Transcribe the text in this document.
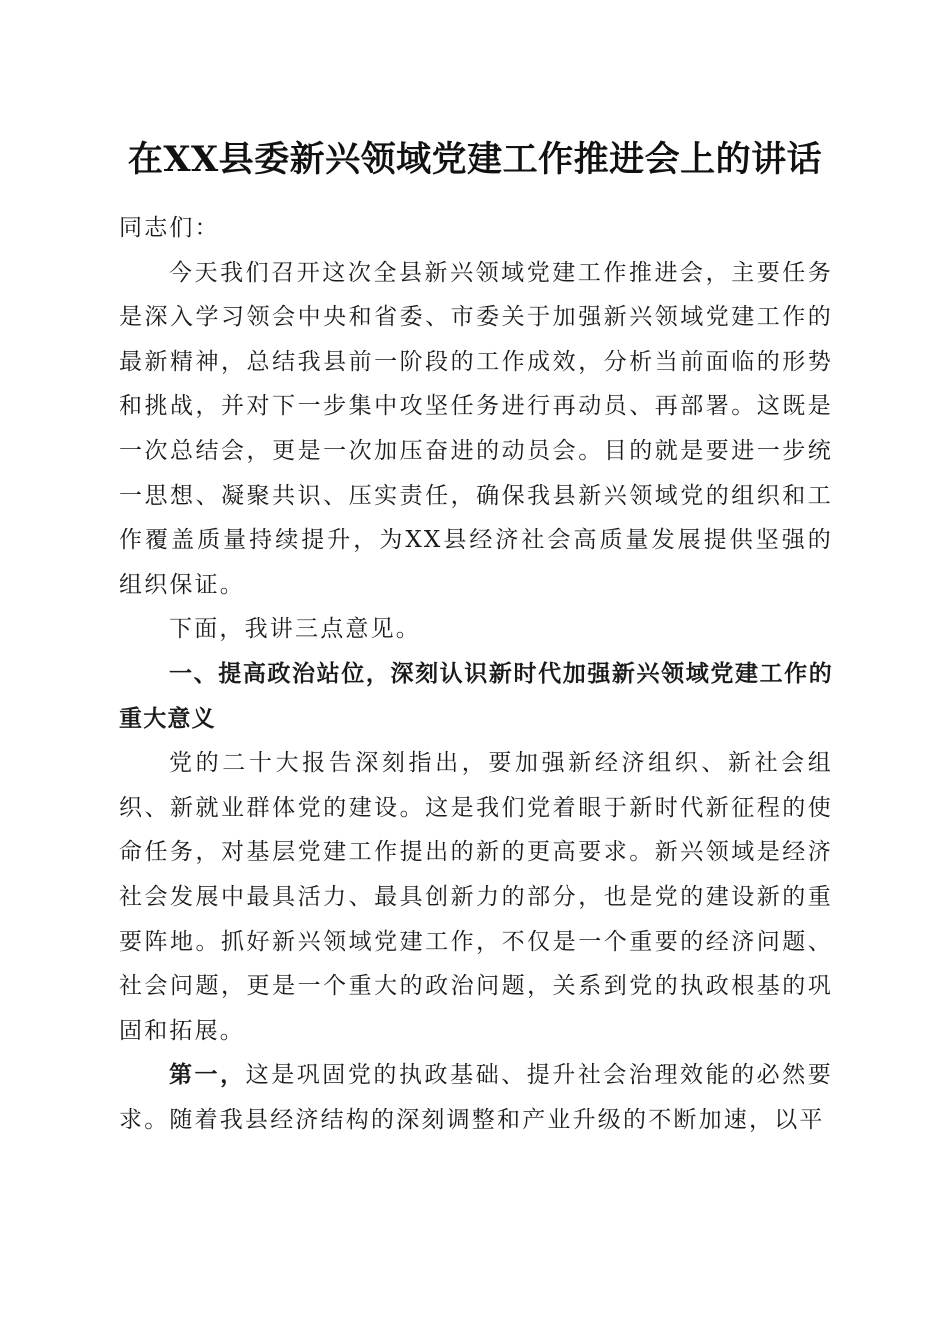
在XX县委新兴领域党建工作推进会上的讲话

同志们：

今天我们召开这次全县新兴领域党建工作推进会，主要任务是深入学习领会中央和省委、市委关于加强新兴领域党建工作的最新精神，总结我县前一阶段的工作成效，分析当前面临的形势和挑战，并对下一步集中攻坚任务进行再动员、再部署。这既是一次总结会，更是一次加压奋进的动员会。目的就是要进一步统一思想、凝聚共识、压实责任，确保我县新兴领域党的组织和工作覆盖质量持续提升，为XX县经济社会高质量发展提供坚强的组织保证。

下面，我讲三点意见。

一、提高政治站位，深刻认识新时代加强新兴领域党建工作的重大意义

党的二十大报告深刻指出，要加强新经济组织、新社会组织、新就业群体党的建设。这是我们党着眼于新时代新征程的使命任务，对基层党建工作提出的新的更高要求。新兴领域是经济社会发展中最具活力、最具创新力的部分，也是党的建设新的重要阵地。抓好新兴领域党建工作，不仅是一个重要的经济问题、社会问题，更是一个重大的政治问题，关系到党的执政根基的巩固和拓展。

第一，这是巩固党的执政基础、提升社会治理效能的必然要求。随着我县经济结构的深刻调整和产业升级的不断加速，以平
